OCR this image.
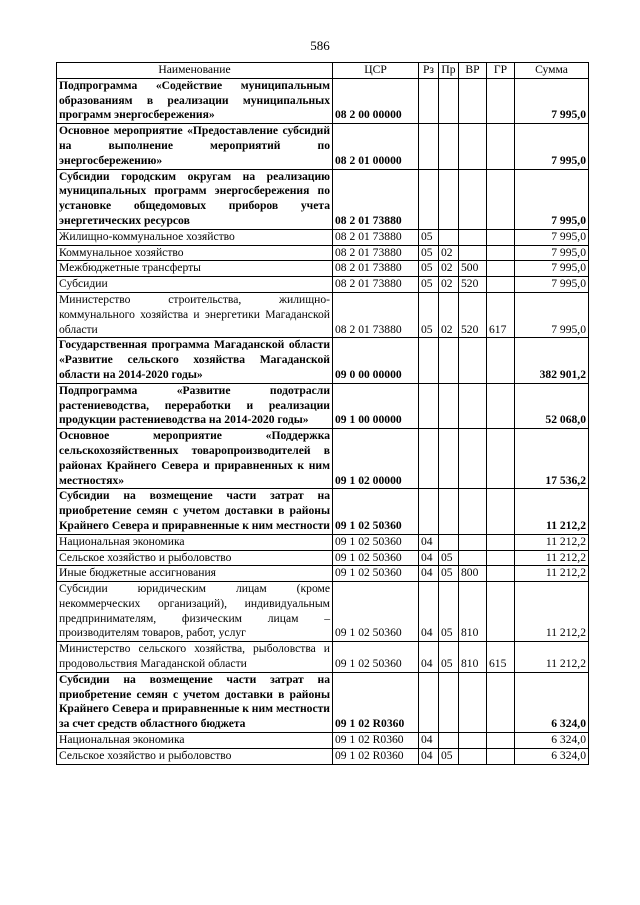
586
Наименование	ЦСР	Рз	Пр	ВР	ГР	Сумма
Подпрограмма «Содействие муниципальным образованиям в реализации муниципальных программ энергосбережения»	08 2 00 00000					7 995,0
Основное мероприятие «Предоставление субсидий на выполнение мероприятий по энергосбережению»	08 2 01 00000					7 995,0
Субсидии городским округам на реализацию муниципальных программ энергосбережения по установке общедомовых приборов учета энергетических ресурсов	08 2 01 73880					7 995,0
Жилищно-коммунальное хозяйство	08 2 01 73880	05				7 995,0
Коммунальное хозяйство	08 2 01 73880	05	02			7 995,0
Межбюджетные трансферты	08 2 01 73880	05	02	500		7 995,0
Субсидии	08 2 01 73880	05	02	520		7 995,0
Министерство строительства, жилищно-коммунального хозяйства и энергетики Магаданской области	08 2 01 73880	05	02	520	617	7 995,0
Государственная программа Магаданской области «Развитие сельского хозяйства Магаданской области на 2014-2020 годы»	09 0 00 00000					382 901,2
Подпрограмма «Развитие подотрасли растениеводства, переработки и реализации продукции растениеводства на 2014-2020 годы»	09 1 00 00000					52 068,0
Основное мероприятие «Поддержка сельскохозяйственных товаропроизводителей в районах Крайнего Севера и приравненных к ним местностях»	09 1 02 00000					17 536,2
Субсидии на возмещение части затрат на приобретение семян с учетом доставки в районы Крайнего Севера и приравненные к ним местности	09 1 02 50360					11 212,2
Национальная экономика	09 1 02 50360	04				11 212,2
Сельское хозяйство и рыболовство	09 1 02 50360	04	05			11 212,2
Иные бюджетные ассигнования	09 1 02 50360	04	05	800		11 212,2
Субсидии юридическим лицам (кроме некоммерческих организаций), индивидуальным предпринимателям, физическим лицам – производителям товаров, работ, услуг	09 1 02 50360	04	05	810		11 212,2
Министерство сельского хозяйства, рыболовства и продовольствия Магаданской области	09 1 02 50360	04	05	810	615	11 212,2
Субсидии на возмещение части затрат на приобретение семян с учетом доставки в районы Крайнего Севера и приравненные к ним местности за счет средств областного бюджета	09 1 02 R0360					6 324,0
Национальная экономика	09 1 02 R0360	04				6 324,0
Сельское хозяйство и рыболовство	09 1 02 R0360	04	05			6 324,0
